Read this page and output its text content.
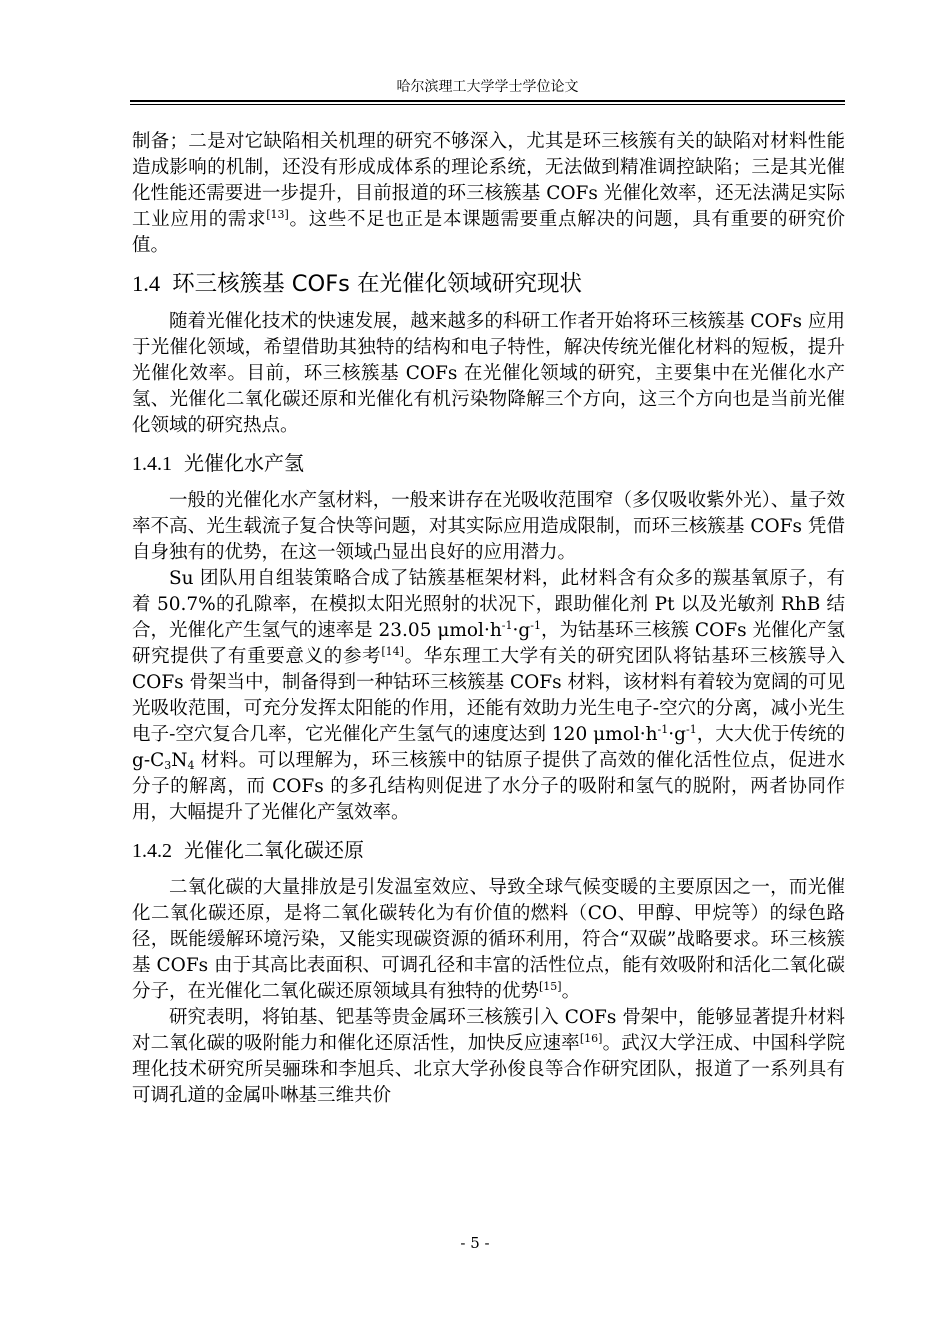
哈尔滨理工大学学士学位论文

制备；二是对它缺陷相关机理的研究不够深入，尤其是环三核簇有关的缺陷对材料性能造成影响的机制，还没有形成成体系的理论系统，无法做到精准调控缺陷；三是其光催化性能还需要进一步提升，目前报道的环三核簇基 COFs 光催化效率，还无法满足实际工业应用的需求[13]。这些不足也正是本课题需要重点解决的问题，具有重要的研究价值。

1.4 环三核簇基 COFs 在光催化领域研究现状

随着光催化技术的快速发展，越来越多的科研工作者开始将环三核簇基 COFs 应用于光催化领域，希望借助其独特的结构和电子特性，解决传统光催化材料的短板，提升光催化效率。目前，环三核簇基 COFs 在光催化领域的研究，主要集中在光催化水产氢、光催化二氧化碳还原和光催化有机污染物降解三个方向，这三个方向也是当前光催化领域的研究热点。

1.4.1 光催化水产氢

一般的光催化水产氢材料，一般来讲存在光吸收范围窄（多仅吸收紫外光）、量子效率不高、光生载流子复合快等问题，对其实际应用造成限制，而环三核簇基 COFs 凭借自身独有的优势，在这一领域凸显出良好的应用潜力。

Su 团队用自组装策略合成了钴簇基框架材料，此材料含有众多的羰基氧原子，有着 50.7%的孔隙率，在模拟太阳光照射的状况下，跟助催化剂 Pt 以及光敏剂 RhB 结合，光催化产生氢气的速率是 23.05 $\mu mol\cdot h^{-1}\cdot g^{-1}$，为钴基环三核簇 COFs 光催化产氢研究提供了有重要意义的参考[14]。华东理工大学有关的研究团队将钴基环三核簇导入 COFs 骨架当中，制备得到一种钴环三核簇基 COFs 材料，该材料有着较为宽阔的可见光吸收范围，可充分发挥太阳能的作用，还能有效助力光生电子-空穴的分离，减小光生电子-空穴复合几率，它光催化产生氢气的速度达到 120 $\mu mol\cdot h^{-1}\cdot g^{-1}$，大大优于传统的 $g-C_3N_4$ 材料。可以理解为，环三核簇中的钴原子提供了高效的催化活性位点，促进水分子的解离，而 COFs 的多孔结构则促进了水分子的吸附和氢气的脱附，两者协同作用，大幅提升了光催化产氢效率。

1.4.2 光催化二氧化碳还原

二氧化碳的大量排放是引发温室效应、导致全球气候变暖的主要原因之一，而光催化二氧化碳还原，是将二氧化碳转化为有价值的燃料（CO、甲醇、甲烷等）的绿色路径，既能缓解环境污染，又能实现碳资源的循环利用，符合“双碳”战略要求。环三核簇基 COFs 由于其高比表面积、可调孔径和丰富的活性位点，能有效吸附和活化二氧化碳分子，在光催化二氧化碳还原领域具有独特的优势[15]。

研究表明，将铂基、钯基等贵金属环三核簇引入 COFs 骨架中，能够显著提升材料对二氧化碳的吸附能力和催化还原活性，加快反应速率[16]。武汉大学汪成、中国科学院理化技术研究所吴骊珠和李旭兵、北京大学孙俊良等合作研究团队，报道了一系列具有可调孔道的金属卟啉基三维共价

- 5 -
